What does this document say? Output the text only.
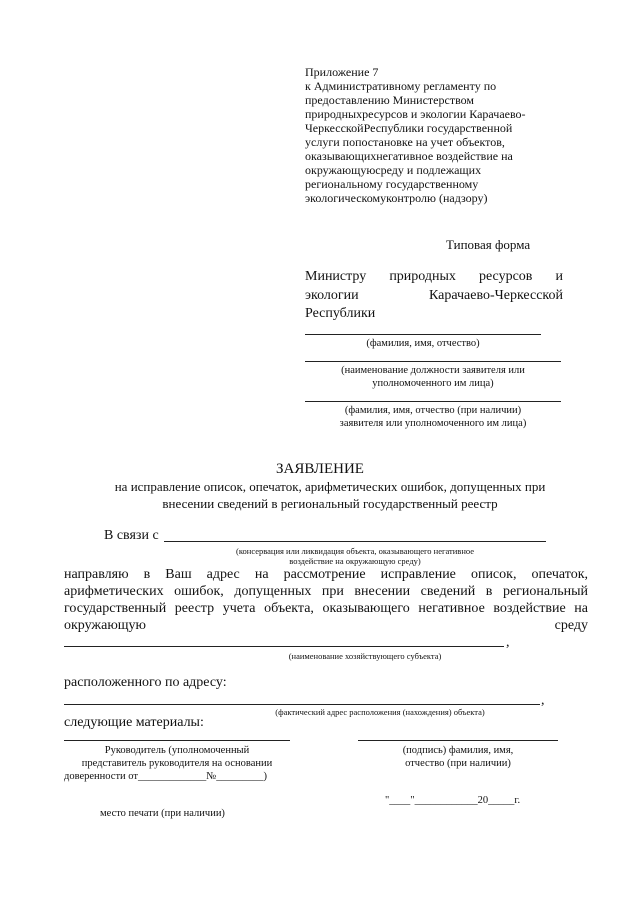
Приложение 7
к Административному регламенту по
предоставлению Министерством
природныхресурсов и экологии Карачаево-
ЧеркесскойРеспублики государственной
услуги попостановке на учет объектов,
оказывающихнегативное воздействие на
окружающуюсреду и подлежащих
региональному государственному
экологическомуконтролю (надзору)
Типовая форма
Министру природных ресурсов и
экологии	Карачаево-Черкесской
Республики
(фамилия, имя, отчество)
(наименование должности заявителя или
уполномоченного им лица)
(фамилия, имя, отчество (при наличии)
заявителя или уполномоченного им лица)
ЗАЯВЛЕНИЕ
на исправление описок, опечаток, арифметических ошибок, допущенных при
внесении сведений в региональный государственный реестр
В связи с
(консервация или ликвидация объекта, оказывающего негативное
воздействие на окружающую среду)
направляю в Ваш адрес на рассмотрение исправление описок, опечаток,
арифметических ошибок, допущенных при внесении сведений в региональный
государственный реестр учета объекта, оказывающего негативное воздействие на
окружающую	среду
,
(наименование хозяйствующего субъекта)
расположенного по адресу:
,
(фактический адрес расположения (нахождения) объекта)
следующие материалы:
Руководитель (уполномоченный
представитель руководителя на основании
доверенности от_____________№_________)
(подпись) фамилия, имя,
отчество (при наличии)
"____"____________20_____г.
место печати (при наличии)
